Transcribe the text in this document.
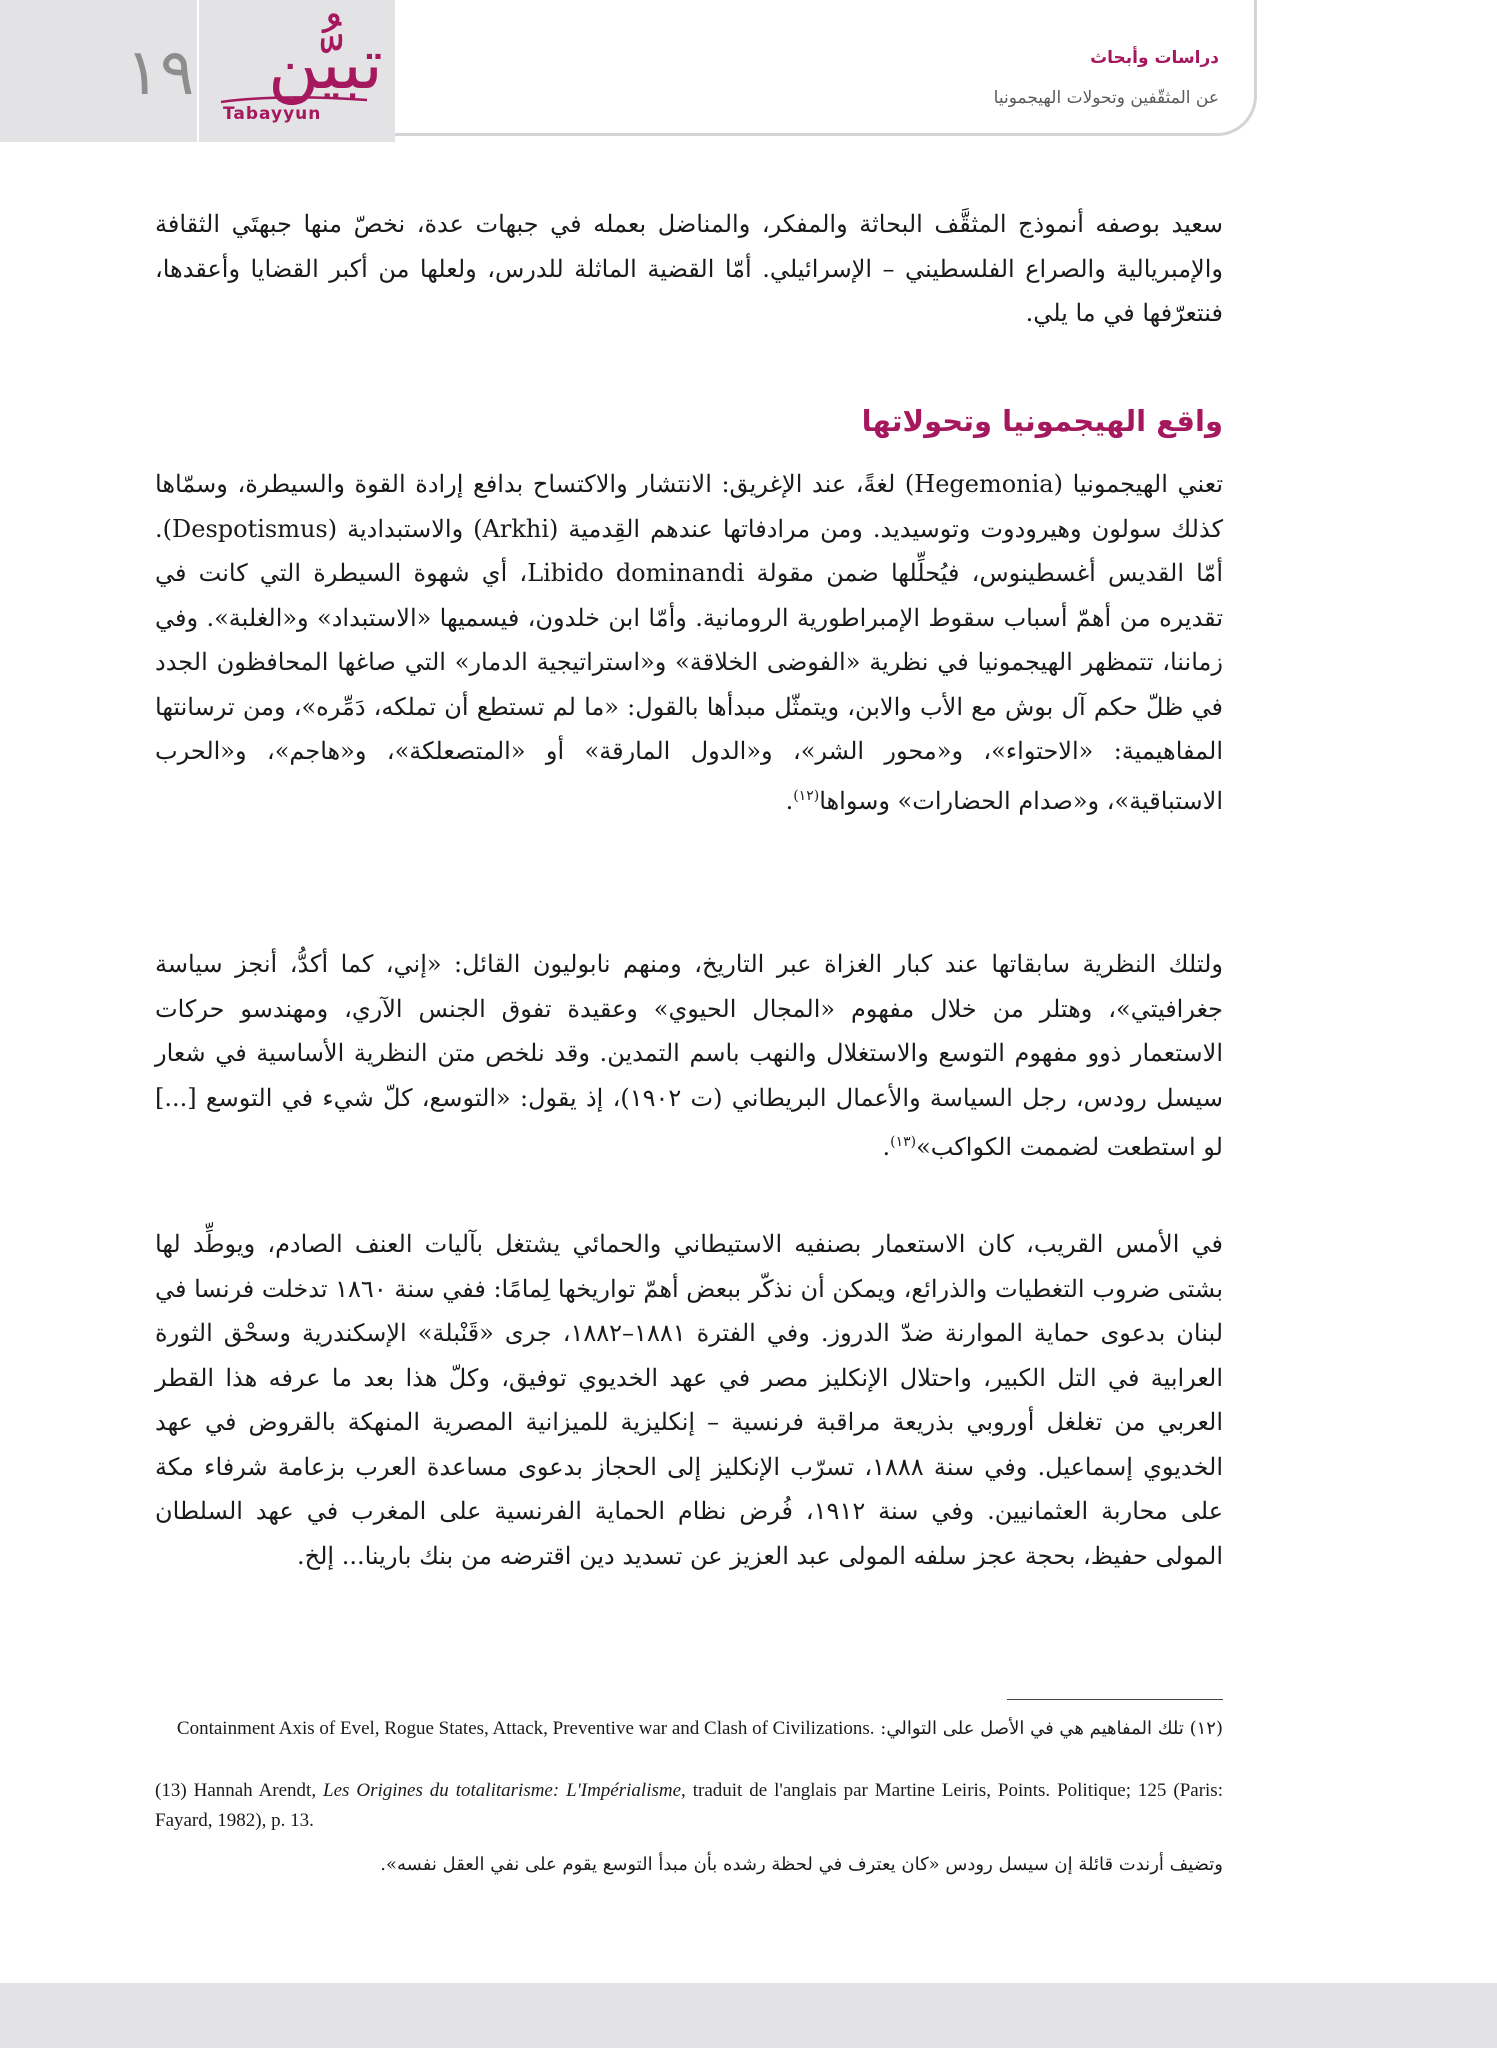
١٩ تبيُّن
Tabayyun
دراسات وأبحاث
عن المثقّفين وتحولات الهيجمونيا

سعيد بوصفه أنموذج المثقَّف البحاثة والمفكر، والمناضل بعمله في جبهات عدة، نخصّ منها جبهتَي الثقافة والإمبريالية والصراع الفلسطيني – الإسرائيلي. أمّا القضية الماثلة للدرس، ولعلها من أكبر القضايا وأعقدها، فنتعرّفها في ما يلي.

واقع الهيجمونيا وتحولاتها

تعني الهيجمونيا (Hegemonia) لغةً، عند الإغريق: الانتشار والاكتساح بدافع إرادة القوة والسيطرة، وسمّاها كذلك سولون وهيرودوت وتوسيديد. ومن مرادفاتها عندهم القِدمية (Arkhi) والاستبدادية (Despotismus). أمّا القديس أغسطينوس، فيُحلِّلها ضمن مقولة Libido dominandi، أي شهوة السيطرة التي كانت في تقديره من أهمّ أسباب سقوط الإمبراطورية الرومانية. وأمّا ابن خلدون، فيسميها «الاستبداد» و«الغلبة». وفي زماننا، تتمظهر الهيجمونيا في نظرية «الفوضى الخلاقة» و«استراتيجية الدمار» التي صاغها المحافظون الجدد في ظلّ حكم آل بوش مع الأب والابن، ويتمثّل مبدأها بالقول: «ما لم تستطع أن تملكه، دَمِّره»، ومن ترسانتها المفاهيمية: «الاحتواء»، و«محور الشر»، و«الدول المارقة» أو «المتصعلكة»، و«هاجم»، و«الحرب الاستباقية»، و«صدام الحضارات» وسواها$^{(١٢)}$.

ولتلك النظرية سابقاتها عند كبار الغزاة عبر التاريخ، ومنهم نابوليون القائل: «إني، كما أكدُّ، أنجز سياسة جغرافيتي»، وهتلر من خلال مفهوم «المجال الحيوي» وعقيدة تفوق الجنس الآري، ومهندسو حركات الاستعمار ذوو مفهوم التوسع والاستغلال والنهب باسم التمدين. وقد نلخص متن النظرية الأساسية في شعار سيسل رودس، رجل السياسة والأعمال البريطاني (ت ١٩٠٢)، إذ يقول: «التوسع، كلّ شيء في التوسع [...] لو استطعت لضممت الكواكب»$^{(١٣)}$.

في الأمس القريب، كان الاستعمار بصنفيه الاستيطاني والحمائي يشتغل بآليات العنف الصادم، ويوطِّد لها بشتى ضروب التغطيات والذرائع، ويمكن أن نذكّر ببعض أهمّ تواريخها لِمامًا: ففي سنة ١٨٦٠ تدخلت فرنسا في لبنان بدعوى حماية الموارنة ضدّ الدروز. وفي الفترة ١٨٨١–١٨٨٢، جرى «قَنْبلة» الإسكندرية وسحْق الثورة العرابية في التل الكبير، واحتلال الإنكليز مصر في عهد الخديوي توفيق، وكلّ هذا بعد ما عرفه هذا القطر العربي من تغلغل أوروبي بذريعة مراقبة فرنسية – إنكليزية للميزانية المصرية المنهكة بالقروض في عهد الخديوي إسماعيل. وفي سنة ١٨٨٨، تسرّب الإنكليز إلى الحجاز بدعوى مساعدة العرب بزعامة شرفاء مكة على محاربة العثمانيين. وفي سنة ١٩١٢، فُرض نظام الحماية الفرنسية على المغرب في عهد السلطان المولى حفيظ، بحجة عجز سلفه المولى عبد العزيز عن تسديد دين اقترضه من بنك بارينا... إلخ.

(١٢) تلك المفاهيم هي في الأصل على التوالي: Containment Axis of Evel, Rogue States, Attack, Preventive war and Clash of Civilizations.

(13) Hannah Arendt, Les Origines du totalitarisme: L'Impérialisme, traduit de l'anglais par Martine Leiris, Points. Politique; 125 (Paris: Fayard, 1982), p. 13.

وتضيف أرندت قائلة إن سيسل رودس «كان يعترف في لحظة رشده بأن مبدأ التوسع يقوم على نفي العقل نفسه».
